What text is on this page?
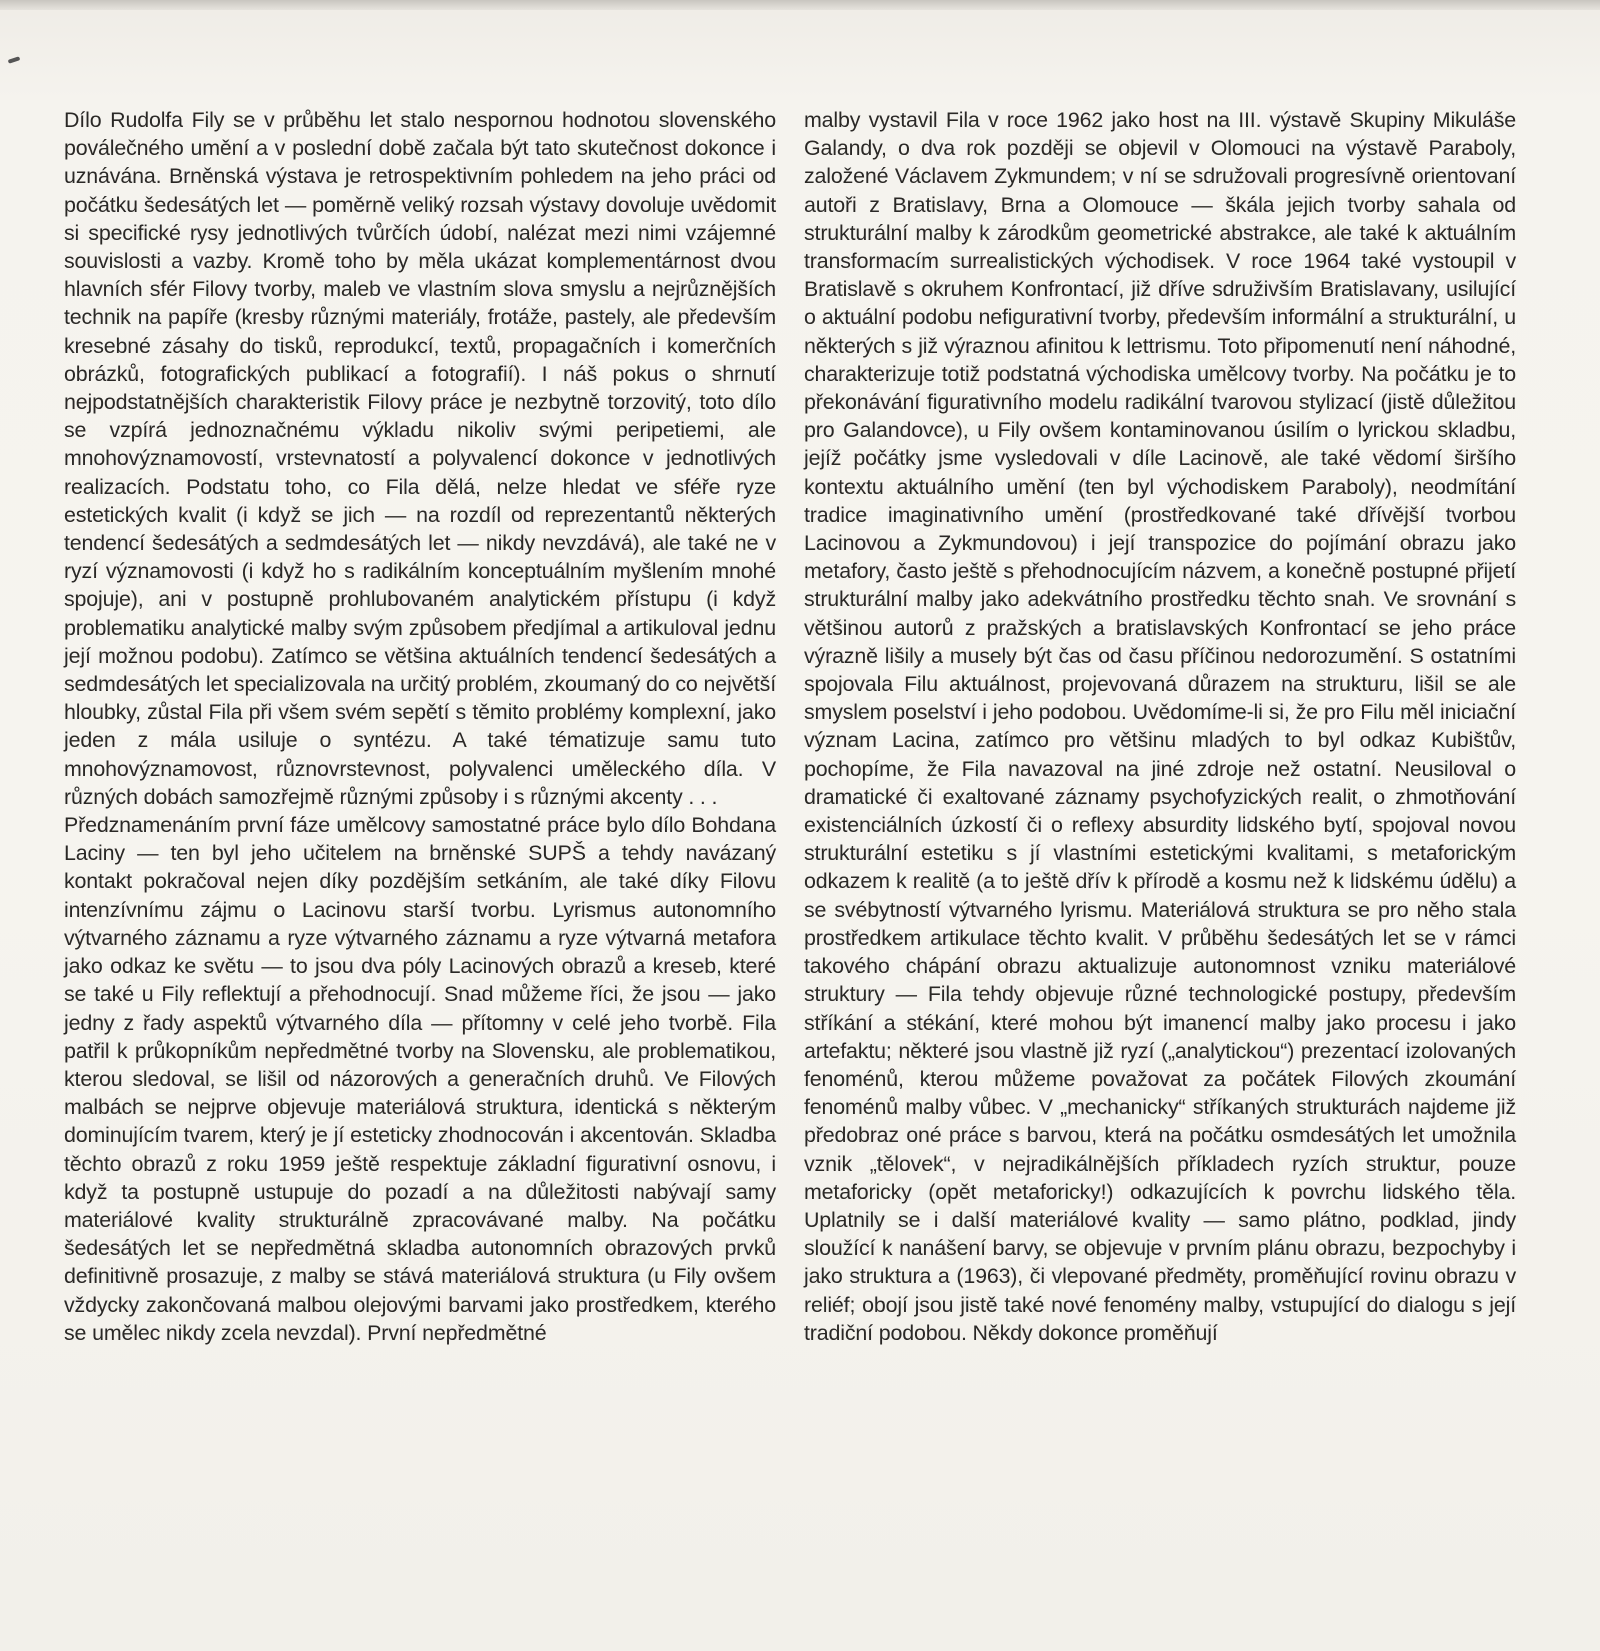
Dílo Rudolfa Fily se v průběhu let stalo nespornou hodnotou slovenského poválečného umění a v poslední době začala být tato skutečnost dokonce i uznávána. Brněnská výstava je retrospektivním pohledem na jeho práci od počátku šedesátých let — poměrně veliký rozsah výstavy dovoluje uvědomit si specifické rysy jednotlivých tvůrčích údobí, nalézat mezi nimi vzájemné souvislosti a vazby. Kromě toho by měla ukázat komplementárnost dvou hlavních sfér Filovy tvorby, maleb ve vlastním slova smyslu a nejrůznějších technik na papíře (kresby různými materiály, frotáže, pastely, ale především kresebné zásahy do tisků, reprodukcí, textů, propagačních i komerčních obrázků, fotografických publikací a fotografií). I náš pokus o shrnutí nejpodstatnějších charakteristik Filovy práce je nezbytně torzovitý, toto dílo se vzpírá jednoznačnému výkladu nikoliv svými peripetiemi, ale mnohovýznamovostí, vrstevnatostí a polyvalencí dokonce v jednotlivých realizacích. Podstatu toho, co Fila dělá, nelze hledat ve sféře ryze estetických kvalit (i když se jich — na rozdíl od reprezentantů některých tendencí šedesátých a sedmdesátých let — nikdy nevzdává), ale také ne v ryzí významovosti (i když ho s radikálním konceptuálním myšlením mnohé spojuje), ani v postupně prohlubovaném analytickém přístupu (i když problematiku analytické malby svým způsobem předjímal a artikuloval jednu její možnou podobu). Zatímco se většina aktuálních tendencí šedesátých a sedmdesátých let specializovala na určitý problém, zkoumaný do co největší hloubky, zůstal Fila při všem svém sepětí s těmito problémy komplexní, jako jeden z mála usiluje o syntézu. A také tématizuje samu tuto mnohovýznamovost, různovrstevnost, polyvalenci uměleckého díla. V různých dobách samozřejmě různými způsoby i s různými akcenty . . .

Předznamenáním první fáze umělcovy samostatné práce bylo dílo Bohdana Laciny — ten byl jeho učitelem na brněnské SUPŠ a tehdy navázaný kontakt pokračoval nejen díky pozdějším setkáním, ale také díky Filovu intenzívnímu zájmu o Lacinovu starší tvorbu. Lyrismus autonomního výtvarného záznamu a ryze výtvarného záznamu a ryze výtvarná metafora jako odkaz ke světu — to jsou dva póly Lacinových obrazů a kreseb, které se také u Fily reflektují a přehodnocují. Snad můžeme říci, že jsou — jako jedny z řady aspektů výtvarného díla — přítomny v celé jeho tvorbě. Fila patřil k průkopníkům nepředmětné tvorby na Slovensku, ale problematikou, kterou sledoval, se lišil od názorových a generačních druhů. Ve Filových malbách se nejprve objevuje materiálová struktura, identická s některým dominujícím tvarem, který je jí esteticky zhodnocován i akcentován. Skladba těchto obrazů z roku 1959 ještě respektuje základní figurativní osnovu, i když ta postupně ustupuje do pozadí a na důležitosti nabývají samy materiálové kvality strukturálně zpracovávané malby. Na počátku šedesátých let se nepředmětná skladba autonomních obrazových prvků definitivně prosazuje, z malby se stává materiálová struktura (u Fily ovšem vždycky zakončovaná malbou olejovými barvami jako prostředkem, kterého se umělec nikdy zcela nevzdal). První nepředmětné

malby vystavil Fila v roce 1962 jako host na III. výstavě Skupiny Mikuláše Galandy, o dva rok později se objevil v Olomouci na výstavě Paraboly, založené Václavem Zykmundem; v ní se sdružovali progresívně orientovaní autoři z Bratislavy, Brna a Olomouce — škála jejich tvorby sahala od strukturální malby k zárodkům geometrické abstrakce, ale také k aktuálním transformacím surrealistických východisek. V roce 1964 také vystoupil v Bratislavě s okruhem Konfrontací, již dříve sdruživším Bratislavany, usilující o aktuální podobu nefigurativní tvorby, především informální a strukturální, u některých s již výraznou afinitou k lettrismu. Toto připomenutí není náhodné, charakterizuje totiž podstatná východiska umělcovy tvorby. Na počátku je to překonávání figurativního modelu radikální tvarovou stylizací (jistě důležitou pro Galandovce), u Fily ovšem kontaminovanou úsilím o lyrickou skladbu, jejíž počátky jsme vysledovali v díle Lacinově, ale také vědomí širšího kontextu aktuálního umění (ten byl východiskem Paraboly), neodmítání tradice imaginativního umění (prostředkované také dřívější tvorbou Lacinovou a Zykmundovou) i její transpozice do pojímání obrazu jako metafory, často ještě s přehodnocujícím názvem, a konečně postupné přijetí strukturální malby jako adekvátního prostředku těchto snah. Ve srovnání s většinou autorů z pražských a bratislavských Konfrontací se jeho práce výrazně lišily a musely být čas od času příčinou nedorozumění. S ostatními spojovala Filu aktuálnost, projevovaná důrazem na strukturu, lišil se ale smyslem poselství i jeho podobou. Uvědomíme-li si, že pro Filu měl iniciační význam Lacina, zatímco pro většinu mladých to byl odkaz Kubištův, pochopíme, že Fila navazoval na jiné zdroje než ostatní. Neusiloval o dramatické či exaltované záznamy psychofyzických realit, o zhmotňování existenciálních úzkostí či o reflexy absurdity lidského bytí, spojoval novou strukturální estetiku s jí vlastními estetickými kvalitami, s metaforickým odkazem k realitě (a to ještě dřív k přírodě a kosmu než k lidskému údělu) a se svébytností výtvarného lyrismu. Materiálová struktura se pro něho stala prostředkem artikulace těchto kvalit. V průběhu šedesátých let se v rámci takového chápání obrazu aktualizuje autonomnost vzniku materiálové struktury — Fila tehdy objevuje různé technologické postupy, především stříkání a stékání, které mohou být imanencí malby jako procesu i jako artefaktu; některé jsou vlastně již ryzí („analytickou“) prezentací izolovaných fenoménů, kterou můžeme považovat za počátek Filových zkoumání fenoménů malby vůbec. V „mechanicky“ stříkaných strukturách najdeme již předobraz oné práce s barvou, která na počátku osmdesátých let umožnila vznik „tělovek“, v nejradikálnějších příkladech ryzích struktur, pouze metaforicky (opět metaforicky!) odkazujících k povrchu lidského těla. Uplatnily se i další materiálové kvality — samo plátno, podklad, jindy sloužící k nanášení barvy, se objevuje v prvním plánu obrazu, bezpochyby i jako struktura a (1963), či vlepované předměty, proměňující rovinu obrazu v reliéf; obojí jsou jistě také nové fenomény malby, vstupující do dialogu s její tradiční podobou. Někdy dokonce proměňují
